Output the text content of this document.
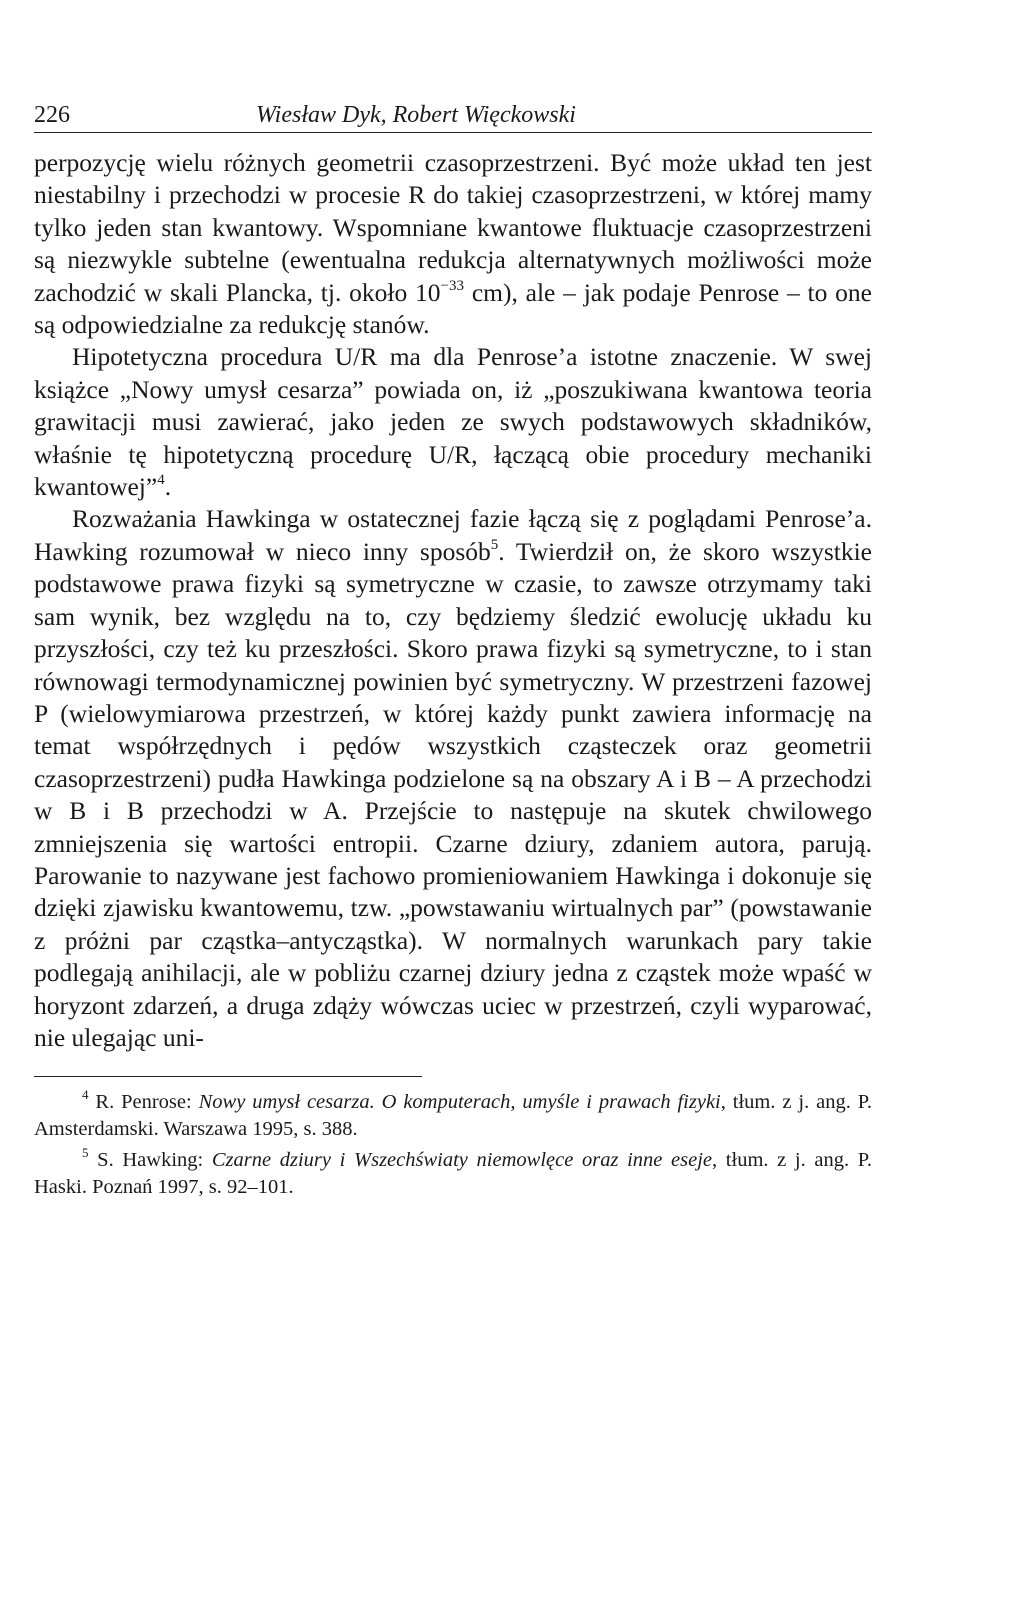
226	Wiesław Dyk, Robert Więckowski

perpozycję wielu różnych geometrii czasoprzestrzeni. Być może układ ten jest niestabilny i przechodzi w procesie R do takiej czasoprzestrzeni, w której mamy tylko jeden stan kwantowy. Wspomniane kwantowe fluktuacje czasoprzestrzeni są niezwykle subtelne (ewentualna redukcja alternatywnych możliwości może zachodzić w skali Plancka, tj. około $10^{-33}$ cm), ale – jak podaje Penrose – to one są odpowiedzialne za redukcję stanów.

Hipotetyczna procedura U/R ma dla Penrose’a istotne znaczenie. W swej książce „Nowy umysł cesarza” powiada on, iż „poszukiwana kwantowa teoria grawitacji musi zawierać, jako jeden ze swych podstawowych składników, właśnie tę hipotetyczną procedurę U/R, łączącą obie procedury mechaniki kwantowej”$^4$.

Rozważania Hawkinga w ostatecznej fazie łączą się z poglądami Penrose’a. Hawking rozumował w nieco inny sposób$^5$. Twierdził on, że skoro wszystkie podstawowe prawa fizyki są symetryczne w czasie, to zawsze otrzymamy taki sam wynik, bez względu na to, czy będziemy śledzić ewolucję układu ku przyszłości, czy też ku przeszłości. Skoro prawa fizyki są symetryczne, to i stan równowagi termodynamicznej powinien być symetryczny. W przestrzeni fazowej P (wielowymiarowa przestrzeń, w której każdy punkt zawiera informację na temat współrzędnych i pędów wszystkich cząsteczek oraz geometrii czasoprzestrzeni) pudła Hawkinga podzielone są na obszary A i B – A przechodzi w B i B przechodzi w A. Przejście to następuje na skutek chwilowego zmniejszenia się wartości entropii. Czarne dziury, zdaniem autora, parują. Parowanie to nazywane jest fachowo promieniowaniem Hawkinga i dokonuje się dzięki zjawisku kwantowemu, tzw. „powstawaniu wirtualnych par” (powstawanie z próżni par cząstka–antycząstka). W normalnych warunkach pary takie podlegają anihilacji, ale w pobliżu czarnej dziury jedna z cząstek może wpaść w horyzont zdarzeń, a druga zdąży wówczas uciec w przestrzeń, czyli wyparować, nie ulegając uni-

$^4$ R. Penrose: Nowy umysł cesarza. O komputerach, umyśle i prawach fizyki, tłum. z j. ang. P. Amsterdamski. Warszawa 1995, s. 388.

$^5$ S. Hawking: Czarne dziury i Wszechświaty niemowlęce oraz inne eseje, tłum. z j. ang. P. Haski. Poznań 1997, s. 92–101.
